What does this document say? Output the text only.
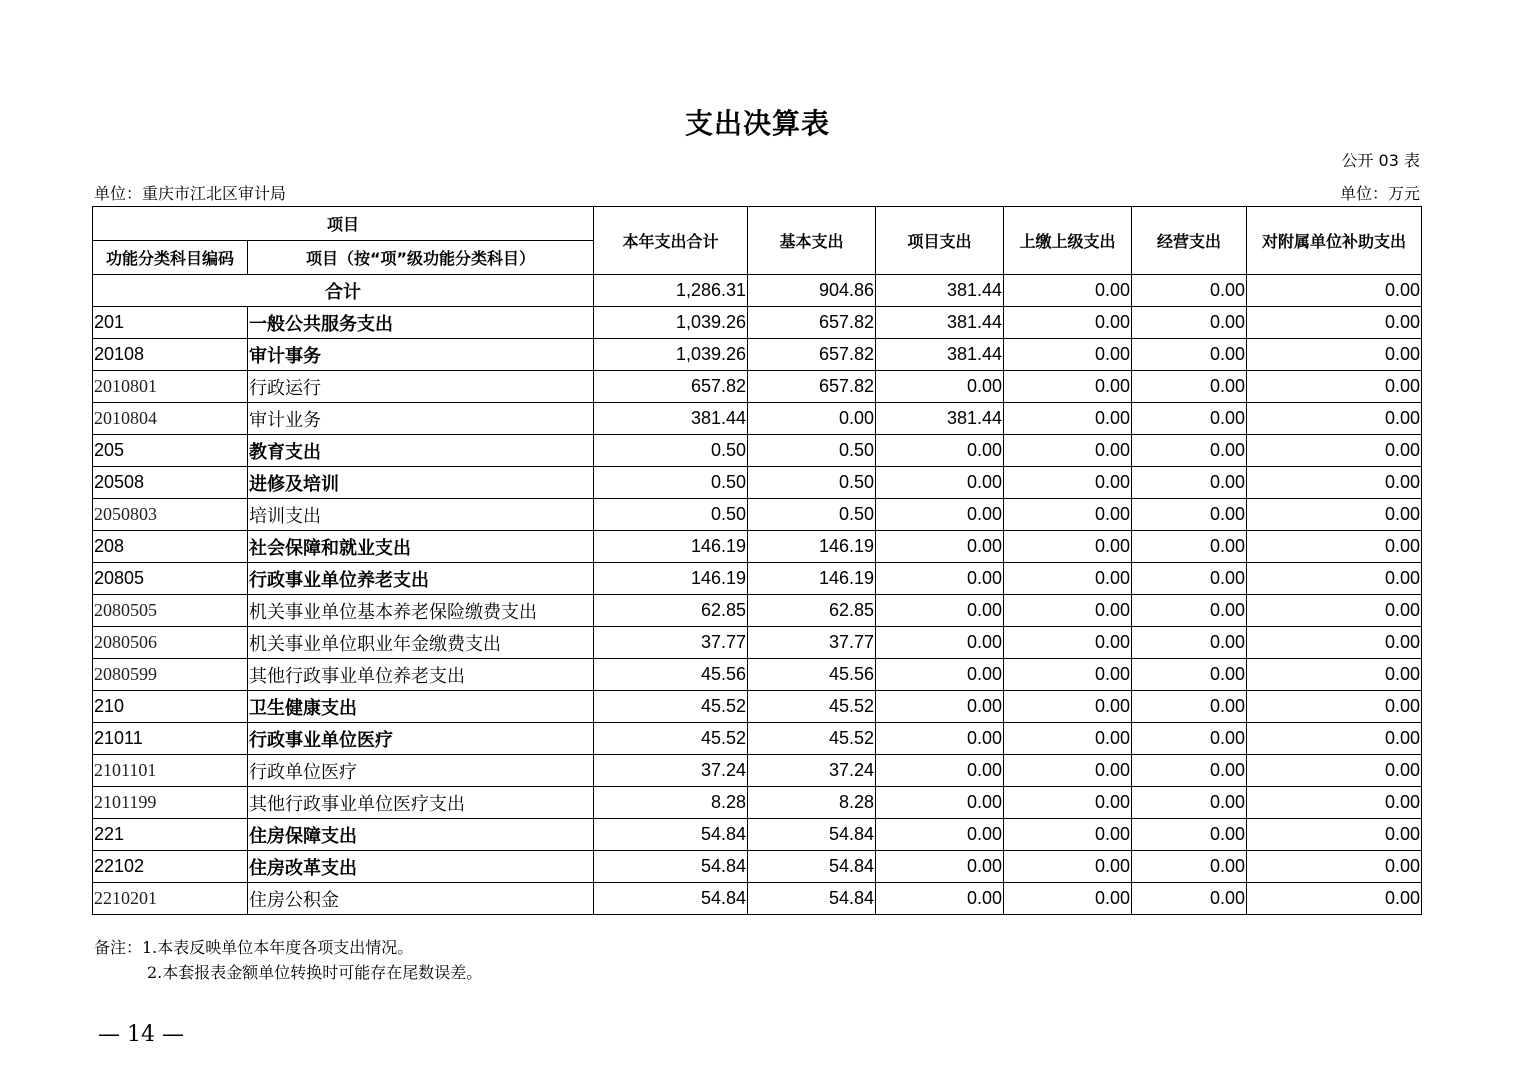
支出决算表
公开 03 表
单位：重庆市江北区审计局	单位：万元
项目		本年支出合计	基本支出	项目支出	上缴上级支出	经营支出	对附属单位补助支出
功能分类科目编码	项目（按“项”级功能分类科目）						
合计		1,286.31	904.86	381.44	0.00	0.00	0.00
201	一般公共服务支出	1,039.26	657.82	381.44	0.00	0.00	0.00
20108	审计事务	1,039.26	657.82	381.44	0.00	0.00	0.00
2010801	行政运行	657.82	657.82	0.00	0.00	0.00	0.00
2010804	审计业务	381.44	0.00	381.44	0.00	0.00	0.00
205	教育支出	0.50	0.50	0.00	0.00	0.00	0.00
20508	进修及培训	0.50	0.50	0.00	0.00	0.00	0.00
2050803	培训支出	0.50	0.50	0.00	0.00	0.00	0.00
208	社会保障和就业支出	146.19	146.19	0.00	0.00	0.00	0.00
20805	行政事业单位养老支出	146.19	146.19	0.00	0.00	0.00	0.00
2080505	机关事业单位基本养老保险缴费支出	62.85	62.85	0.00	0.00	0.00	0.00
2080506	机关事业单位职业年金缴费支出	37.77	37.77	0.00	0.00	0.00	0.00
2080599	其他行政事业单位养老支出	45.56	45.56	0.00	0.00	0.00	0.00
210	卫生健康支出	45.52	45.52	0.00	0.00	0.00	0.00
21011	行政事业单位医疗	45.52	45.52	0.00	0.00	0.00	0.00
2101101	行政单位医疗	37.24	37.24	0.00	0.00	0.00	0.00
2101199	其他行政事业单位医疗支出	8.28	8.28	0.00	0.00	0.00	0.00
221	住房保障支出	54.84	54.84	0.00	0.00	0.00	0.00
22102	住房改革支出	54.84	54.84	0.00	0.00	0.00	0.00
2210201	住房公积金	54.84	54.84	0.00	0.00	0.00	0.00
备注：1.本表反映单位本年度各项支出情况。
2.本套报表金额单位转换时可能存在尾数误差。
— 14 —
